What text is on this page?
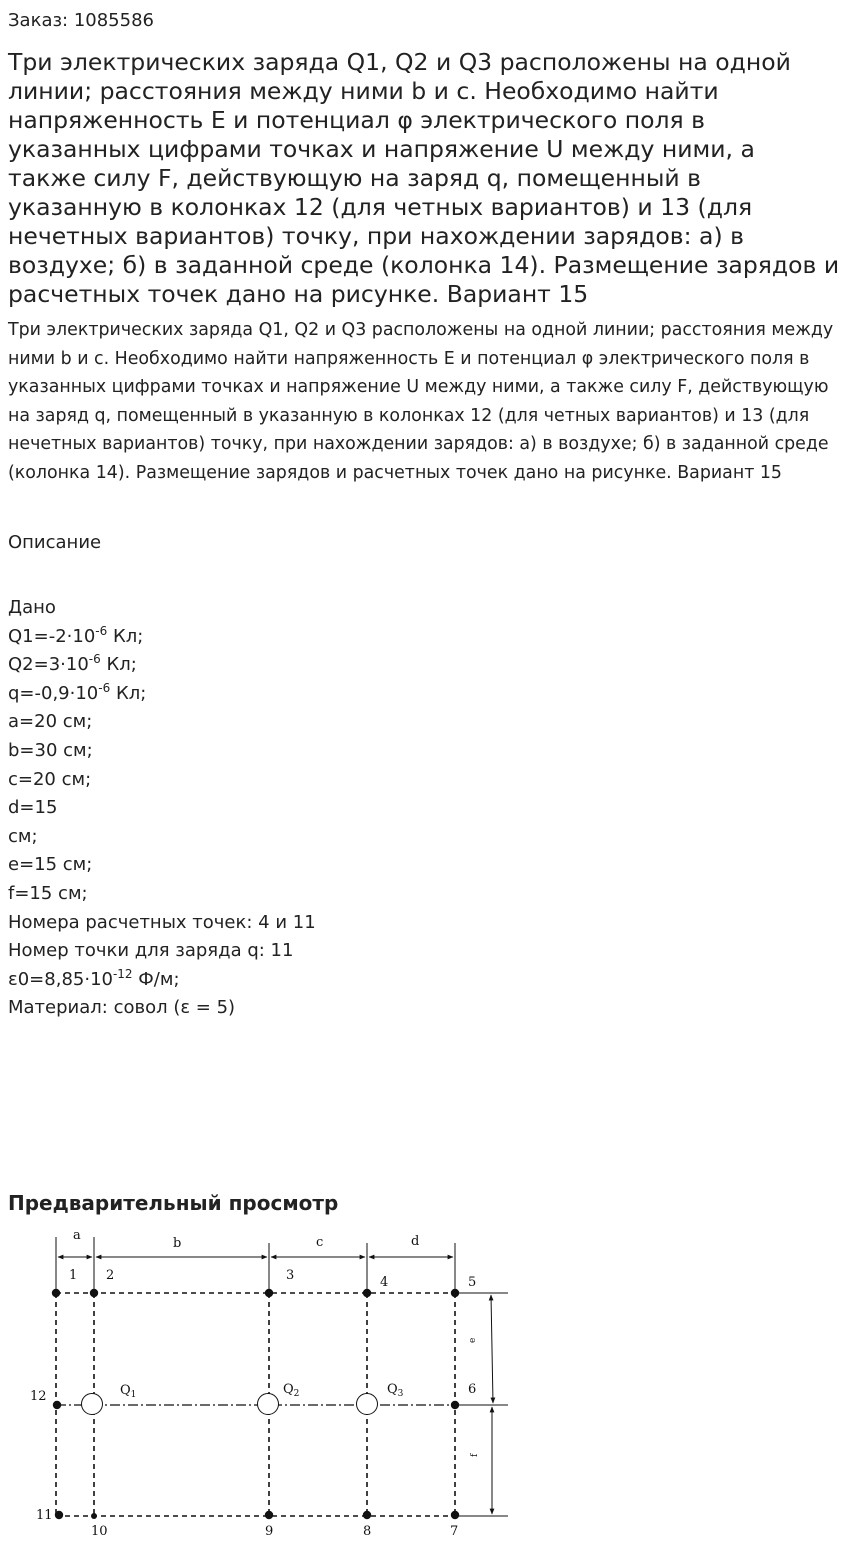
Заказ: 1085586
Три электрических заряда Q1, Q2 и Q3 расположены на одной линии; расстояния между ними b и c. Необходимо найти напряженность E и потенциал φ электрического поля в указанных цифрами точках и напряжение U между ними, а также силу F, действующую на заряд q, помещенный в указанную в колонках 12 (для четных вариантов) и 13 (для нечетных вариантов) точку, при нахождении зарядов: а) в воздухе; б) в заданной среде (колонка 14). Размещение зарядов и расчетных точек дано на рисунке. Вариант 15

Три электрических заряда Q1, Q2 и Q3 расположены на одной линии; расстояния между ними b и c. Необходимо найти напряженность E и потенциал φ электрического поля в указанных цифрами точках и напряжение U между ними, а также силу F, действующую на заряд q, помещенный в указанную в колонках 12 (для четных вариантов) и 13 (для нечетных вариантов) точку, при нахождении зарядов: а) в воздухе; б) в заданной среде (колонка 14). Размещение зарядов и расчетных точек дано на рисунке. Вариант 15

Описание
Дано
$Q1=-2\cdot 10^{-6}$ Кл;
$Q2=3\cdot 10^{-6}$ Кл;
$q=-0,9\cdot 10^{-6}$ Кл;
a=20 см;
b=30 см;
c=20 см;
d=15
см;
e=15 см;
f=15 см;
Номера расчетных точек: 4 и 11
Номер точки для заряда q: 11
$\varepsilon 0=8,85\cdot 10^{-12}$ Ф/м;
Материал: совол (ε = 5)
Предварительный просмотр
a
b	c	d
e
f
$Q_1$	$Q_2$	$Q_3$
1 2	3	4	5
6
7
8
9
10
11
12
